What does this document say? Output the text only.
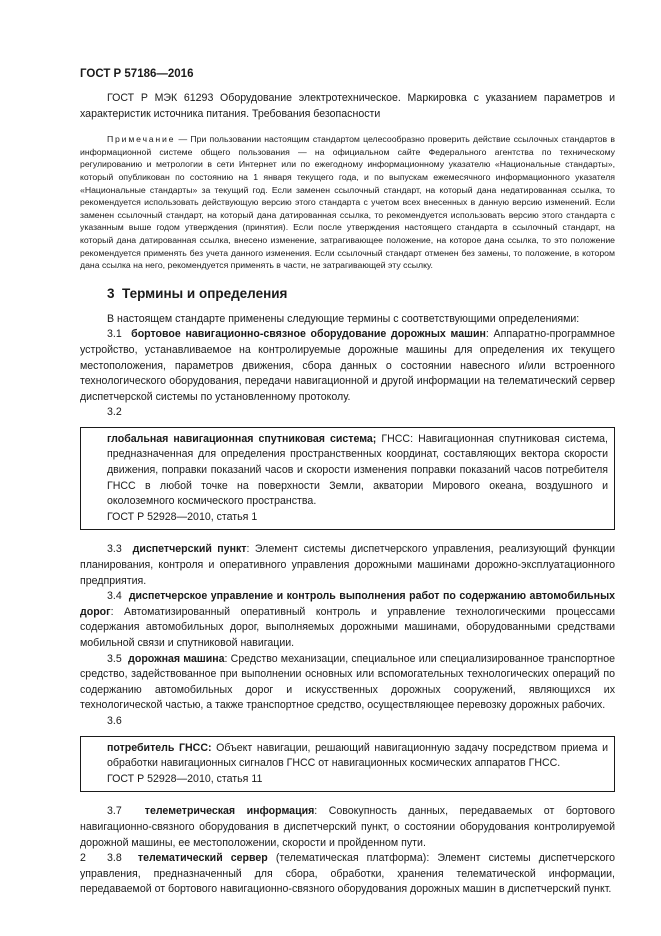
ГОСТ Р 57186—2016

ГОСТ Р МЭК 61293 Оборудование электротехническое. Маркировка с указанием параметров и характеристик источника питания. Требования безопасности

Примечание — При пользовании настоящим стандартом целесообразно проверить действие ссылочных стандартов в информационной системе общего пользования — на официальном сайте Федерального агентства по техническому регулированию и метрологии в сети Интернет или по ежегодному информационному указателю «Национальные стандарты», который опубликован по состоянию на 1 января текущего года, и по выпускам ежемесячного информационного указателя «Национальные стандарты» за текущий год. Если заменен ссылочный стандарт, на который дана недатированная ссылка, то рекомендуется использовать действующую версию этого стандарта с учетом всех внесенных в данную версию изменений. Если заменен ссылочный стандарт, на который дана датированная ссылка, то рекомендуется использовать версию этого стандарта с указанным выше годом утверждения (принятия). Если после утверждения настоящего стандарта в ссылочный стандарт, на который дана датированная ссылка, внесено изменение, затрагивающее положение, на которое дана ссылка, то это положение рекомендуется применять без учета данного изменения. Если ссылочный стандарт отменен без замены, то положение, в котором дана ссылка на него, рекомендуется применять в части, не затрагивающей эту ссылку.

3 Термины и определения

В настоящем стандарте применены следующие термины с соответствующими определениями:

3.1 бортовое навигационно-связное оборудование дорожных машин: Аппаратно-программное устройство, устанавливаемое на контролируемые дорожные машины для определения их текущего местоположения, параметров движения, сбора данных о состоянии навесного и/или встроенного технологического оборудования, передачи навигационной и другой информации на телематический сервер диспетчерской системы по установленному протоколу.

3.2

глобальная навигационная спутниковая система; ГНСС: Навигационная спутниковая система, предназначенная для определения пространственных координат, составляющих вектора скорости движения, поправки показаний часов и скорости изменения поправки показаний часов потребителя ГНСС в любой точке на поверхности Земли, акватории Мирового океана, воздушного и околоземного космического пространства.

ГОСТ Р 52928—2010, статья 1

3.3 диспетчерский пункт: Элемент системы диспетчерского управления, реализующий функции планирования, контроля и оперативного управления дорожными машинами дорожно-эксплуатационного предприятия.

3.4 диспетчерское управление и контроль выполнения работ по содержанию автомобильных дорог: Автоматизированный оперативный контроль и управление технологическими процессами содержания автомобильных дорог, выполняемых дорожными машинами, оборудованными средствами мобильной связи и спутниковой навигации.

3.5 дорожная машина: Средство механизации, специальное или специализированное транспортное средство, задействованное при выполнении основных или вспомогательных технологических операций по содержанию автомобильных дорог и искусственных дорожных сооружений, являющихся их технологической частью, а также транспортное средство, осуществляющее перевозку дорожных рабочих.

3.6

потребитель ГНСС: Объект навигации, решающий навигационную задачу посредством приема и обработки навигационных сигналов ГНСС от навигационных космических аппаратов ГНСС.

ГОСТ Р 52928—2010, статья 11

3.7 телеметрическая информация: Совокупность данных, передаваемых от бортового навигационно-связного оборудования в диспетчерский пункт, о состоянии оборудования контролируемой дорожной машины, ее местоположении, скорости и пройденном пути.

3.8 телематический сервер (телематическая платформа): Элемент системы диспетчерского управления, предназначенный для сбора, обработки, хранения телематической информации, передаваемой от бортового навигационно-связного оборудования дорожных машин в диспетчерский пункт.

2
